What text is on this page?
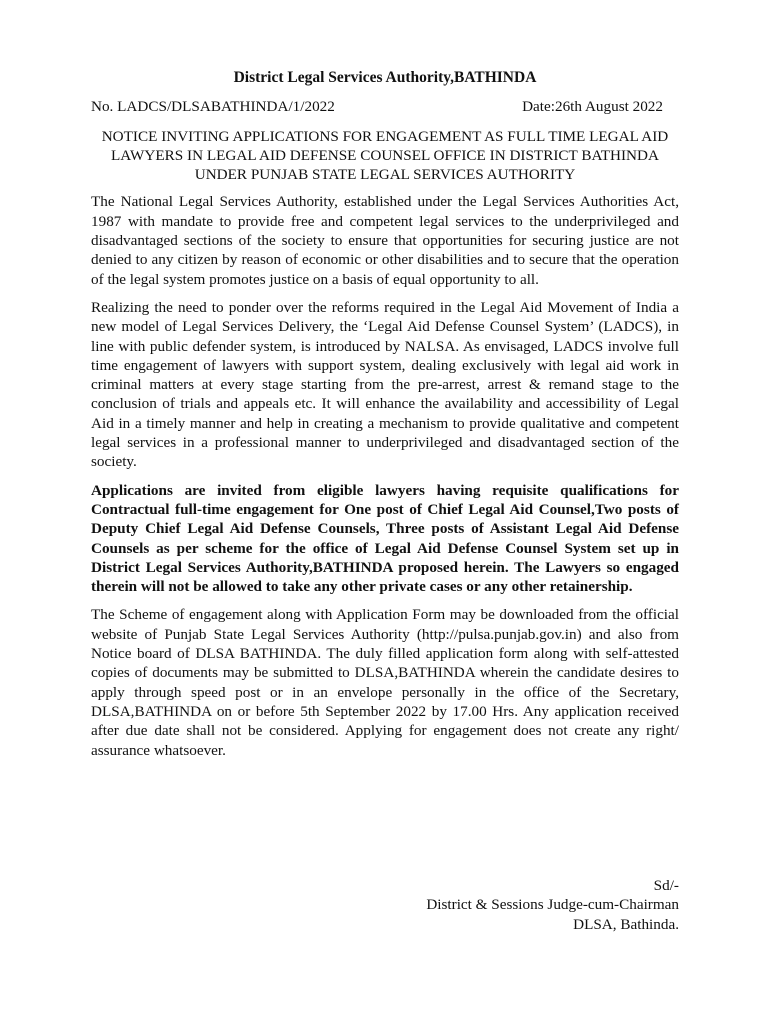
District Legal Services Authority,BATHINDA
No. LADCS/DLSABATHINDA/1/2022	Date:26th August 2022
NOTICE INVITING APPLICATIONS FOR ENGAGEMENT AS FULL TIME LEGAL AID LAWYERS IN LEGAL AID DEFENSE COUNSEL OFFICE IN DISTRICT BATHINDA UNDER PUNJAB STATE LEGAL SERVICES AUTHORITY

The National Legal Services Authority, established under the Legal Services Authorities Act, 1987 with mandate to provide free and competent legal services to the underprivileged and disadvantaged sections of the society to ensure that opportunities for securing justice are not denied to any citizen by reason of economic or other disabilities and to secure that the operation of the legal system promotes justice on a basis of equal opportunity to all.

Realizing the need to ponder over the reforms required in the Legal Aid Movement of India a new model of Legal Services Delivery, the ‘Legal Aid Defense Counsel System’ (LADCS), in line with public defender system, is introduced by NALSA. As envisaged, LADCS involve full time engagement of lawyers with support system, dealing exclusively with legal aid work in criminal matters at every stage starting from the pre-arrest, arrest & remand stage to the conclusion of trials and appeals etc. It will enhance the availability and accessibility of Legal Aid in a timely manner and help in creating a mechanism to provide qualitative and competent legal services in a professional manner to underprivileged and disadvantaged section of the society.

Applications are invited from eligible lawyers having requisite qualifications for Contractual full-time engagement for One post of Chief Legal Aid Counsel,Two posts of Deputy Chief Legal Aid Defense Counsels, Three posts of Assistant Legal Aid Defense Counsels as per scheme for the office of Legal Aid Defense Counsel System set up in District Legal Services Authority,BATHINDA proposed herein. The Lawyers so engaged therein will not be allowed to take any other private cases or any other retainership.

The Scheme of engagement along with Application Form may be downloaded from the official website of Punjab State Legal Services Authority (http://pulsa.punjab.gov.in) and also from Notice board of DLSA BATHINDA. The duly filled application form along with self-attested copies of documents may be submitted to DLSA,BATHINDA wherein the candidate desires to apply through speed post or in an envelope personally in the office of the Secretary, DLSA,BATHINDA on or before 5th September 2022 by 17.00 Hrs. Any application received after due date shall not be considered. Applying for engagement does not create any right/ assurance whatsoever.

Sd/-
District & Sessions Judge-cum-Chairman
DLSA, Bathinda.
